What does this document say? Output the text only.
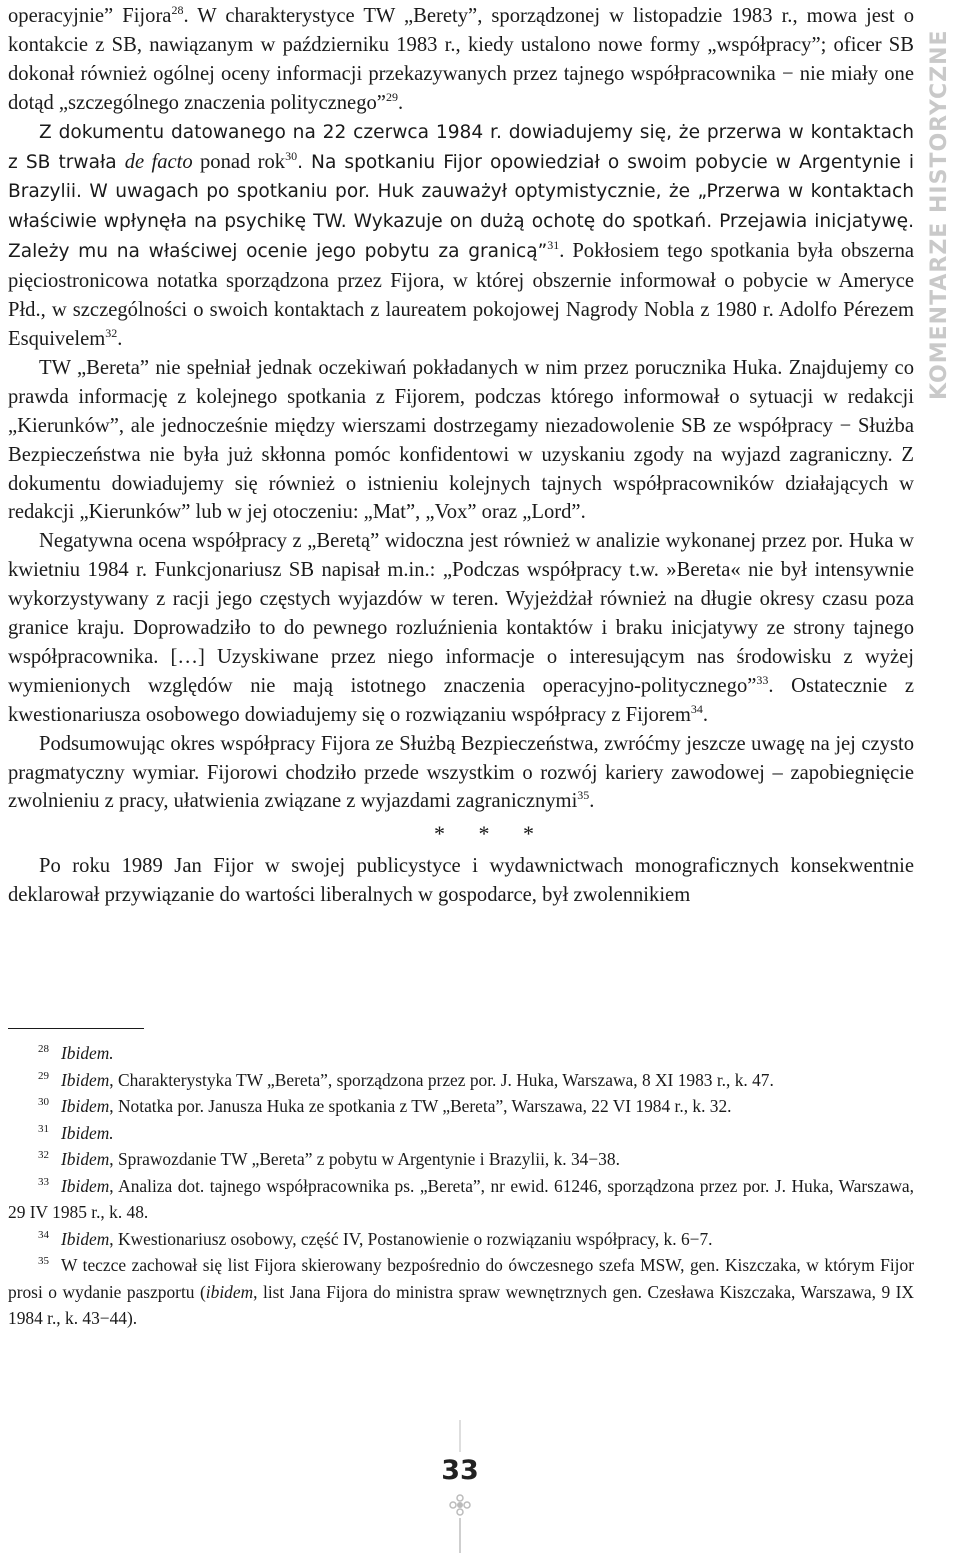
KOMENTARZE HISTORYCZNE

operacyjnie” Fijora$^{28}$. W charakterystyce TW „Berety”, sporządzonej w listopadzie 1983 r., mowa jest o kontakcie z SB, nawiązanym w październiku 1983 r., kiedy ustalono nowe formy „współpracy”; oficer SB dokonał również ogólnej oceny informacji przekazywanych przez tajnego współpracownika − nie miały one dotąd „szczególnego znaczenia politycznego”$^{29}$.
Z dokumentu datowanego na 22 czerwca 1984 r. dowiadujemy się, że przerwa w kontaktach z SB trwała de facto ponad rok$^{30}$. Na spotkaniu Fijor opowiedział o swoim pobycie w Argentynie i Brazylii. W uwagach po spotkaniu por. Huk zauważył optymistycznie, że „Przerwa w kontaktach właściwie wpłynęła na psychikę TW. Wykazuje on dużą ochotę do spotkań. Przejawia inicjatywę. Zależy mu na właściwej ocenie jego pobytu za granicą”$^{31}$. Pokłosiem tego spotkania była obszerna pięciostronicowa notatka sporządzona przez Fijora, w której obszernie informował o pobycie w Ameryce Płd., w szczególności o swoich kontaktach z laureatem pokojowej Nagrody Nobla z 1980 r. Adolfo Pérezem Esquivelem$^{32}$.

TW „Bereta” nie spełniał jednak oczekiwań pokładanych w nim przez porucznika Huka. Znajdujemy co prawda informację z kolejnego spotkania z Fijorem, podczas którego informował o sytuacji w redakcji „Kierunków”, ale jednocześnie między wierszami dostrzegamy niezadowolenie SB ze współpracy − Służba Bezpieczeństwa nie była już skłonna pomóc konfidentowi w uzyskaniu zgody na wyjazd zagraniczny. Z dokumentu dowiadujemy się również o istnieniu kolejnych tajnych współpracowników działających w redakcji „Kierunków” lub w jej otoczeniu: „Mat”, „Vox” oraz „Lord”.

Negatywna ocena współpracy z „Beretą” widoczna jest również w analizie wykonanej przez por. Huka w kwietniu 1984 r. Funkcjonariusz SB napisał m.in.: „Podczas współpracy t.w. »Bereta« nie był intensywnie wykorzystywany z racji jego częstych wyjazdów w teren. Wyjeżdżał również na długie okresy czasu poza granice kraju. Doprowadziło to do pewnego rozluźnienia kontaktów i braku inicjatywy ze strony tajnego współpracownika. […] Uzyskiwane przez niego informacje o interesującym nas środowisku z wyżej wymienionych względów nie mają istotnego znaczenia operacyjno-politycznego”$^{33}$. Ostatecznie z kwestionariusza osobowego dowiadujemy się o rozwiązaniu współpracy z Fijorem$^{34}$.

Podsumowując okres współpracy Fijora ze Służbą Bezpieczeństwa, zwróćmy jeszcze uwagę na jej czysto pragmatyczny wymiar. Fijorowi chodziło przede wszystkim o rozwój kariery zawodowej – zapobiegnięcie zwolnieniu z pracy, ułatwienia związane z wyjazdami zagranicznymi$^{35}$.

* * *

Po roku 1989 Jan Fijor w swojej publicystyce i wydawnictwach monograficznych konsekwentnie deklarował przywiązanie do wartości liberalnych w gospodarce, był zwolennikiem

$^{28}$ Ibidem.

$^{29}$ Ibidem, Charakterystyka TW „Bereta”, sporządzona przez por. J. Huka, Warszawa, 8 XI 1983 r., k. 47.

$^{30}$ Ibidem, Notatka por. Janusza Huka ze spotkania z TW „Bereta”, Warszawa, 22 VI 1984 r., k. 32.

$^{31}$ Ibidem.

$^{32}$ Ibidem, Sprawozdanie TW „Bereta” z pobytu w Argentynie i Brazylii, k. 34−38.

$^{33}$ Ibidem, Analiza dot. tajnego współpracownika ps. „Bereta”, nr ewid. 61246, sporządzona przez por. J. Huka, Warszawa, 29 IV 1985 r., k. 48.

$^{34}$ Ibidem, Kwestionariusz osobowy, część IV, Postanowienie o rozwiązaniu współpracy, k. 6−7.

$^{35}$ W teczce zachował się list Fijora skierowany bezpośrednio do ówczesnego szefa MSW, gen. Kiszczaka, w którym Fijor prosi o wydanie paszportu (ibidem, list Jana Fijora do ministra spraw wewnętrznych gen. Czesława Kiszczaka, Warszawa, 9 IX 1984 r., k. 43−44).

33
